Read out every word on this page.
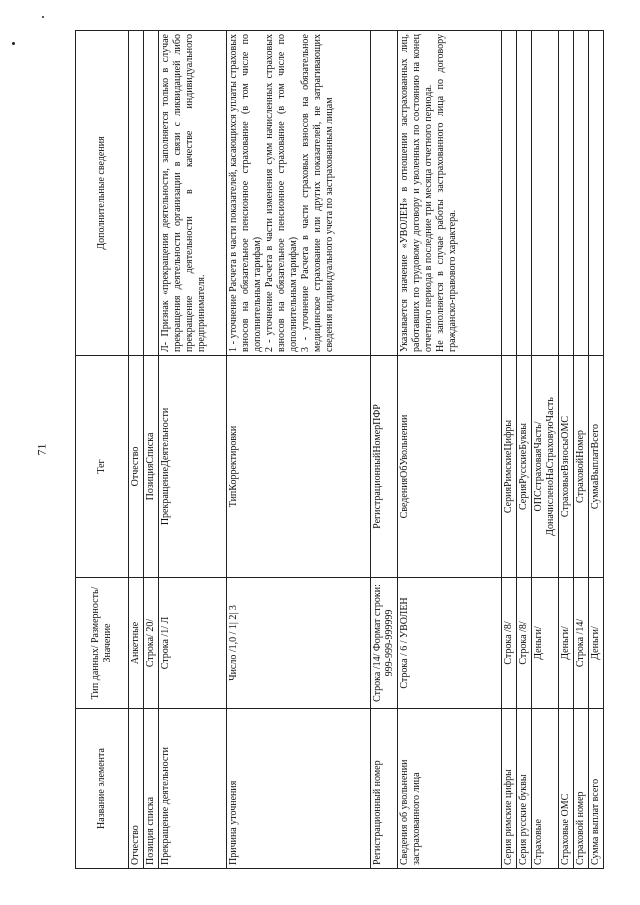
71
Название элемента	Тип данных/ Размерность/ Значение	Тег	Дополнительные сведения
Отчество	Анкетные	Отчество	
Позиция списка	Строка/ 20/	ПозицияСписка	
Прекращение деятельности	Строка /1/ Л	ПрекращениеДеятельности	Л- Признак «прекращения деятельности, заполняется только в случае прекращения деятельности организации в связи с ликвидацией либо прекращение деятельности в качестве индивидуального предпринимателя.
Причина уточнения	Число /1,0 / 1| 2| 3	ТипКорректировки	1 - уточнение Расчета в части показателей, касающихся уплаты страховых взносов на обязательное пенсионное страхование (в том числе по дополнительным тарифам)
2 - уточнение Расчета в части изменения сумм начисленных страховых взносов на обязательное пенсионное страхование (в том числе по дополнительным тарифам)
3 - уточнение Расчета в части страховых взносов на обязательное медицинское страхование или других показателей, не затрагивающих сведения индивидуального учета по застрахованным лицам
Регистрационный номер	Строка /14/ Формат строки: 999-999-999999	РегистрационныйНомерПФР	
Сведения об увольнении застрахованного лица	Строка / 6 / УВОЛЕН	СведенияОбУвольнении	Указывается значение «УВОЛЕН» в отношении застрахованных лиц, работавших по трудовому договору и уволенных по состоянию на конец отчетного периода в последние три месяца отчетного периода.
Не заполняется в случае работы застрахованного лица по договору гражданско-правового характера.
Серия римские цифры	Строка /8/	СерияРимскиеЦифры	
Серия русские буквы	Строка /8/	СерияРусскиеБуквы	
Страховые	Деньги/	ОПСстраховаяЧасть/ ДоначисленоНаСтраховуюЧасть	
Страховые ОМС	Деньги/	СтраховыеВзносыОМС	
Страховой номер	Строка /14/	СтраховойНомер	
Сумма выплат всего	Деньги/	СуммаВыплатВсего	
